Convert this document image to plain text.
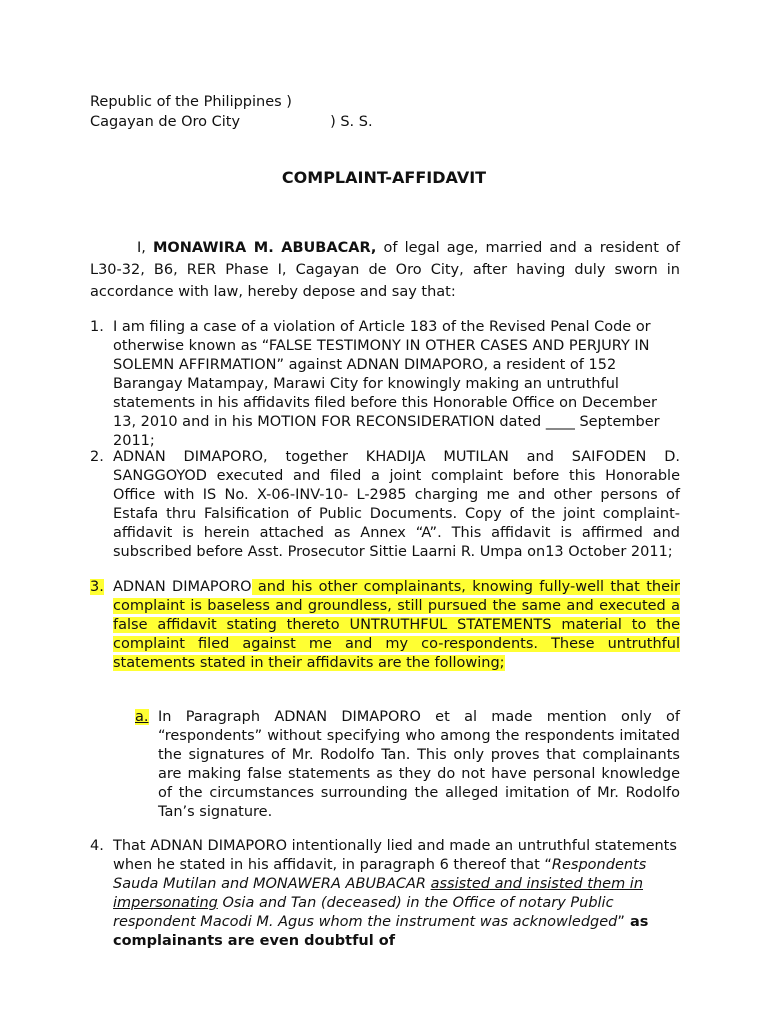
Republic of the Philippines )
Cagayan de Oro City	) S. S.
COMPLAINT-AFFIDAVIT
I, MONAWIRA M. ABUBACAR, of legal age, married and a resident of L30-32, B6, RER Phase I, Cagayan de Oro City, after having duly sworn in accordance with law, hereby depose and say that:
1. I am filing a case of a violation of Article 183 of the Revised Penal Code or otherwise known as “FALSE TESTIMONY IN OTHER CASES AND PERJURY IN SOLEMN AFFIRMATION” against ADNAN DIMAPORO, a resident of 152 Barangay Matampay, Marawi City for knowingly making an untruthful statements in his affidavits filed before this Honorable Office on December 13, 2010 and in his MOTION FOR RECONSIDERATION dated ____ September 2011;
2. ADNAN DIMAPORO, together KHADIJA MUTILAN and SAIFODEN D. SANGGOYOD executed and filed a joint complaint before this Honorable Office with IS No. X-06-INV-10- L-2985 charging me and other persons of Estafa thru Falsification of Public Documents. Copy of the joint complaint-affidavit is herein attached as Annex “A”. This affidavit is affirmed and subscribed before Asst. Prosecutor Sittie Laarni R. Umpa on13 October 2011;
3. ADNAN DIMAPORO and his other complainants, knowing fully-well that their complaint is baseless and groundless, still pursued the same and executed a false affidavit stating thereto UNTRUTHFUL STATEMENTS material to the complaint filed against me and my co-respondents. These untruthful statements stated in their affidavits are the following;
a. In Paragraph ADNAN DIMAPORO et al made mention only of “respondents” without specifying who among the respondents imitated the signatures of Mr. Rodolfo Tan. This only proves that complainants are making false statements as they do not have personal knowledge of the circumstances surrounding the alleged imitation of Mr. Rodolfo Tan’s signature.
4. That ADNAN DIMAPORO intentionally lied and made an untruthful statements when he stated in his affidavit, in paragraph 6 thereof that “Respondents Sauda Mutilan and MONAWERA ABUBACAR assisted and insisted them in impersonating Osia and Tan (deceased) in the Office of notary Public respondent Macodi M. Agus whom the instrument was acknowledged” as complainants are even doubtful of
